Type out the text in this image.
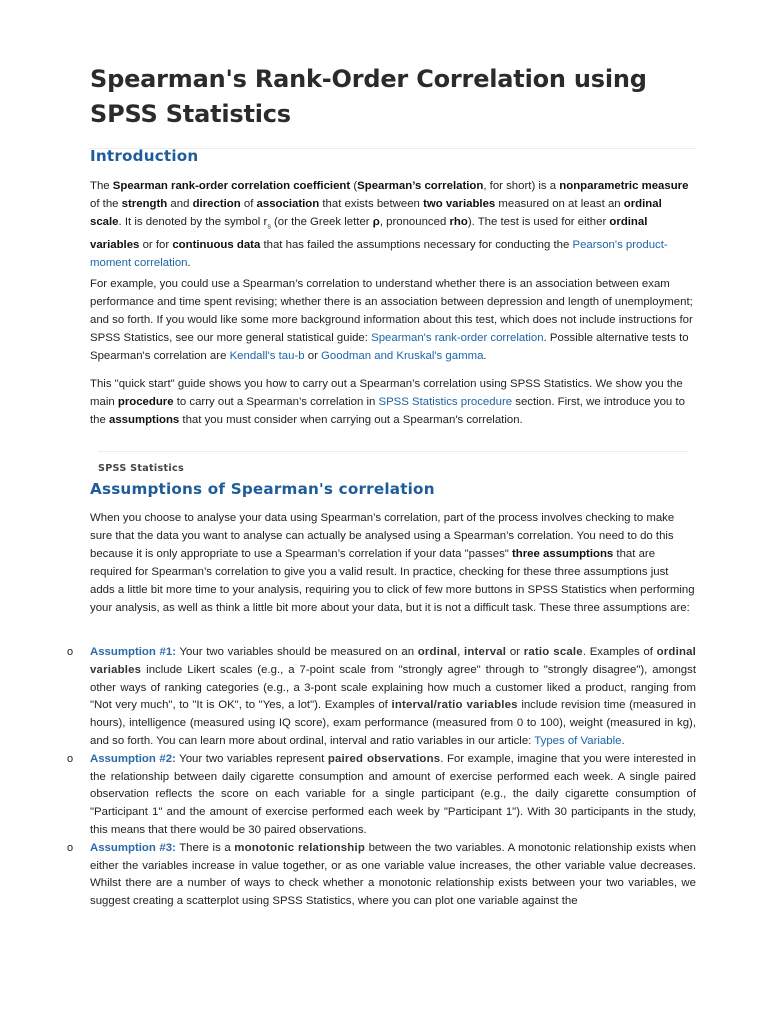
Spearman's Rank-Order Correlation using SPSS Statistics
Introduction

The Spearman rank-order correlation coefficient (Spearman’s correlation, for short) is a nonparametric measure of the strength and direction of association that exists between two variables measured on at least an ordinal scale. It is denoted by the symbol $r_s$ (or the Greek letter ρ, pronounced rho). The test is used for either ordinal variables or for continuous data that has failed the assumptions necessary for conducting the Pearson's product-moment correlation.

For example, you could use a Spearman’s correlation to understand whether there is an association between exam performance and time spent revising; whether there is an association between depression and length of unemployment; and so forth. If you would like some more background information about this test, which does not include instructions for SPSS Statistics, see our more general statistical guide: Spearman's rank-order correlation. Possible alternative tests to Spearman's correlation are Kendall's tau-b or Goodman and Kruskal's gamma.

This "quick start" guide shows you how to carry out a Spearman’s correlation using SPSS Statistics. We show you the main procedure to carry out a Spearman’s correlation in SPSS Statistics procedure section. First, we introduce you to the assumptions that you must consider when carrying out a Spearman's correlation.

SPSS Statistics
Assumptions of Spearman's correlation

When you choose to analyse your data using Spearman’s correlation, part of the process involves checking to make sure that the data you want to analyse can actually be analysed using a Spearman’s correlation. You need to do this because it is only appropriate to use a Spearman’s correlation if your data "passes" three assumptions that are required for Spearman’s correlation to give you a valid result. In practice, checking for these three assumptions just adds a little bit more time to your analysis, requiring you to click of few more buttons in SPSS Statistics when performing your analysis, as well as think a little bit more about your data, but it is not a difficult task. These three assumptions are:

o Assumption #1: Your two variables should be measured on an ordinal, interval or ratio scale. Examples of ordinal variables include Likert scales (e.g., a 7-point scale from "strongly agree" through to "strongly disagree"), amongst other ways of ranking categories (e.g., a 3-pont scale explaining how much a customer liked a product, ranging from "Not very much", to "It is OK", to "Yes, a lot"). Examples of interval/ratio variables include revision time (measured in hours), intelligence (measured using IQ score), exam performance (measured from 0 to 100), weight (measured in kg), and so forth. You can learn more about ordinal, interval and ratio variables in our article: Types of Variable.
o Assumption #2: Your two variables represent paired observations. For example, imagine that you were interested in the relationship between daily cigarette consumption and amount of exercise performed each week. A single paired observation reflects the score on each variable for a single participant (e.g., the daily cigarette consumption of "Participant 1" and the amount of exercise performed each week by "Participant 1"). With 30 participants in the study, this means that there would be 30 paired observations.
o Assumption #3: There is a monotonic relationship between the two variables. A monotonic relationship exists when either the variables increase in value together, or as one variable value increases, the other variable value decreases. Whilst there are a number of ways to check whether a monotonic relationship exists between your two variables, we suggest creating a scatterplot using SPSS Statistics, where you can plot one variable against the
